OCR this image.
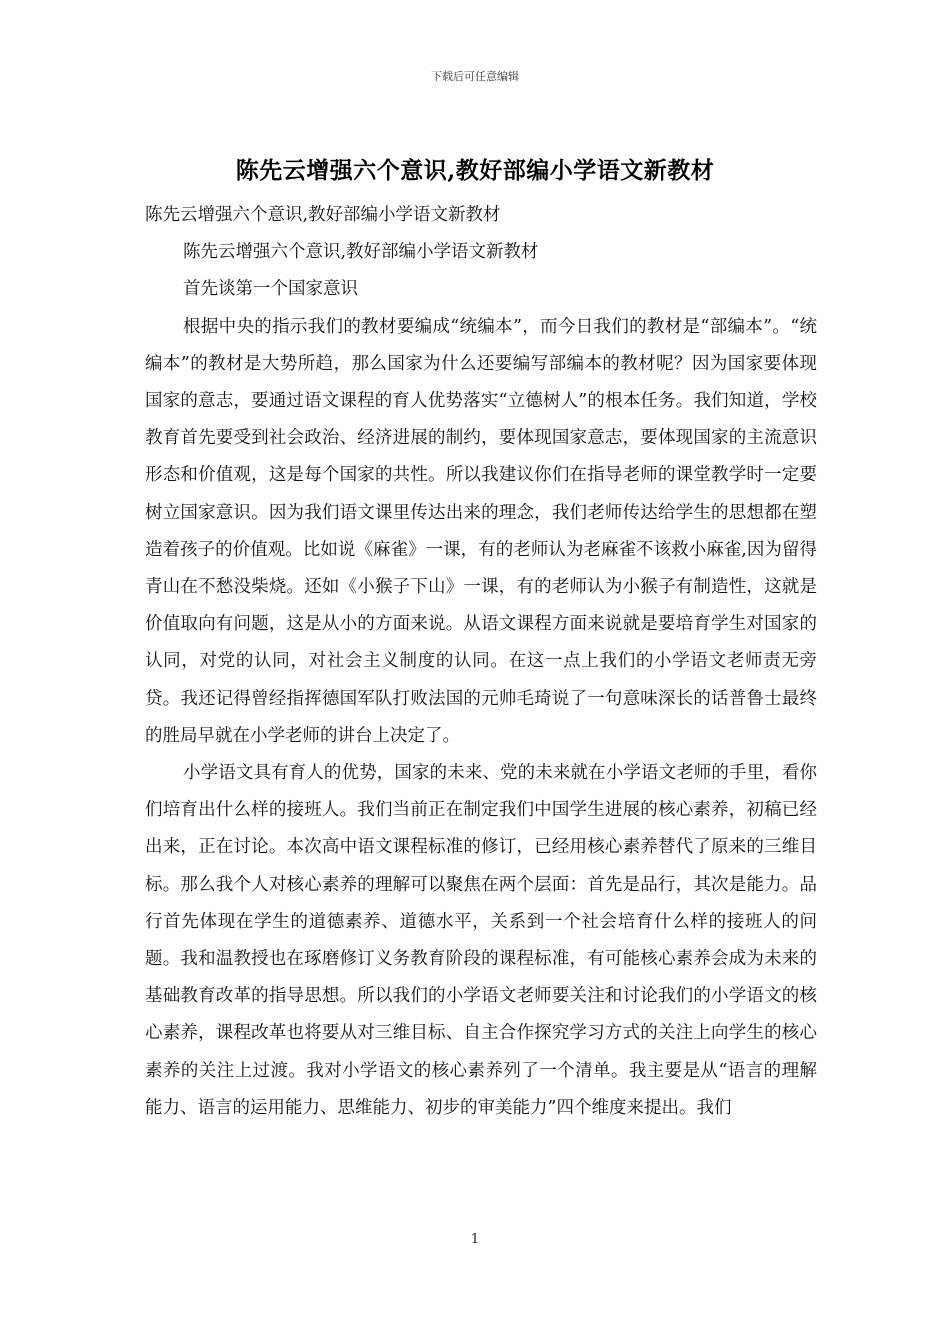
下载后可任意编辑
陈先云增强六个意识,教好部编小学语文新教材

陈先云增强六个意识,教好部编小学语文新教材

陈先云增强六个意识,教好部编小学语文新教材

首先谈第一个国家意识

根据中央的指示我们的教材要编成“统编本”，而今日我们的教材是“部编本”。“统编本”的教材是大势所趋，那么国家为什么还要编写部编本的教材呢？因为国家要体现国家的意志，要通过语文课程的育人优势落实“立德树人”的根本任务。我们知道，学校教育首先要受到社会政治、经济进展的制约，要体现国家意志，要体现国家的主流意识形态和价值观，这是每个国家的共性。所以我建议你们在指导老师的课堂教学时一定要树立国家意识。因为我们语文课里传达出来的理念，我们老师传达给学生的思想都在塑造着孩子的价值观。比如说《麻雀》一课，有的老师认为老麻雀不该救小麻雀,因为留得青山在不愁没柴烧。还如《小猴子下山》一课，有的老师认为小猴子有制造性，这就是价值取向有问题，这是从小的方面来说。从语文课程方面来说就是要培育学生对国家的认同，对党的认同，对社会主义制度的认同。在这一点上我们的小学语文老师责无旁贷。我还记得曾经指挥德国军队打败法国的元帅毛琦说了一句意味深长的话普鲁士最终的胜局早就在小学老师的讲台上决定了。

小学语文具有育人的优势，国家的未来、党的未来就在小学语文老师的手里，看你们培育出什么样的接班人。我们当前正在制定我们中国学生进展的核心素养，初稿已经出来，正在讨论。本次高中语文课程标准的修订，已经用核心素养替代了原来的三维目标。那么我个人对核心素养的理解可以聚焦在两个层面：首先是品行，其次是能力。品行首先体现在学生的道德素养、道德水平，关系到一个社会培育什么样的接班人的问题。我和温教授也在琢磨修订义务教育阶段的课程标准，有可能核心素养会成为未来的基础教育改革的指导思想。所以我们的小学语文老师要关注和讨论我们的小学语文的核心素养，课程改革也将要从对三维目标、自主合作探究学习方式的关注上向学生的核心素养的关注上过渡。我对小学语文的核心素养列了一个清单。我主要是从“语言的理解能力、语言的运用能力、思维能力、初步的审美能力”四个维度来提出。我们

1
